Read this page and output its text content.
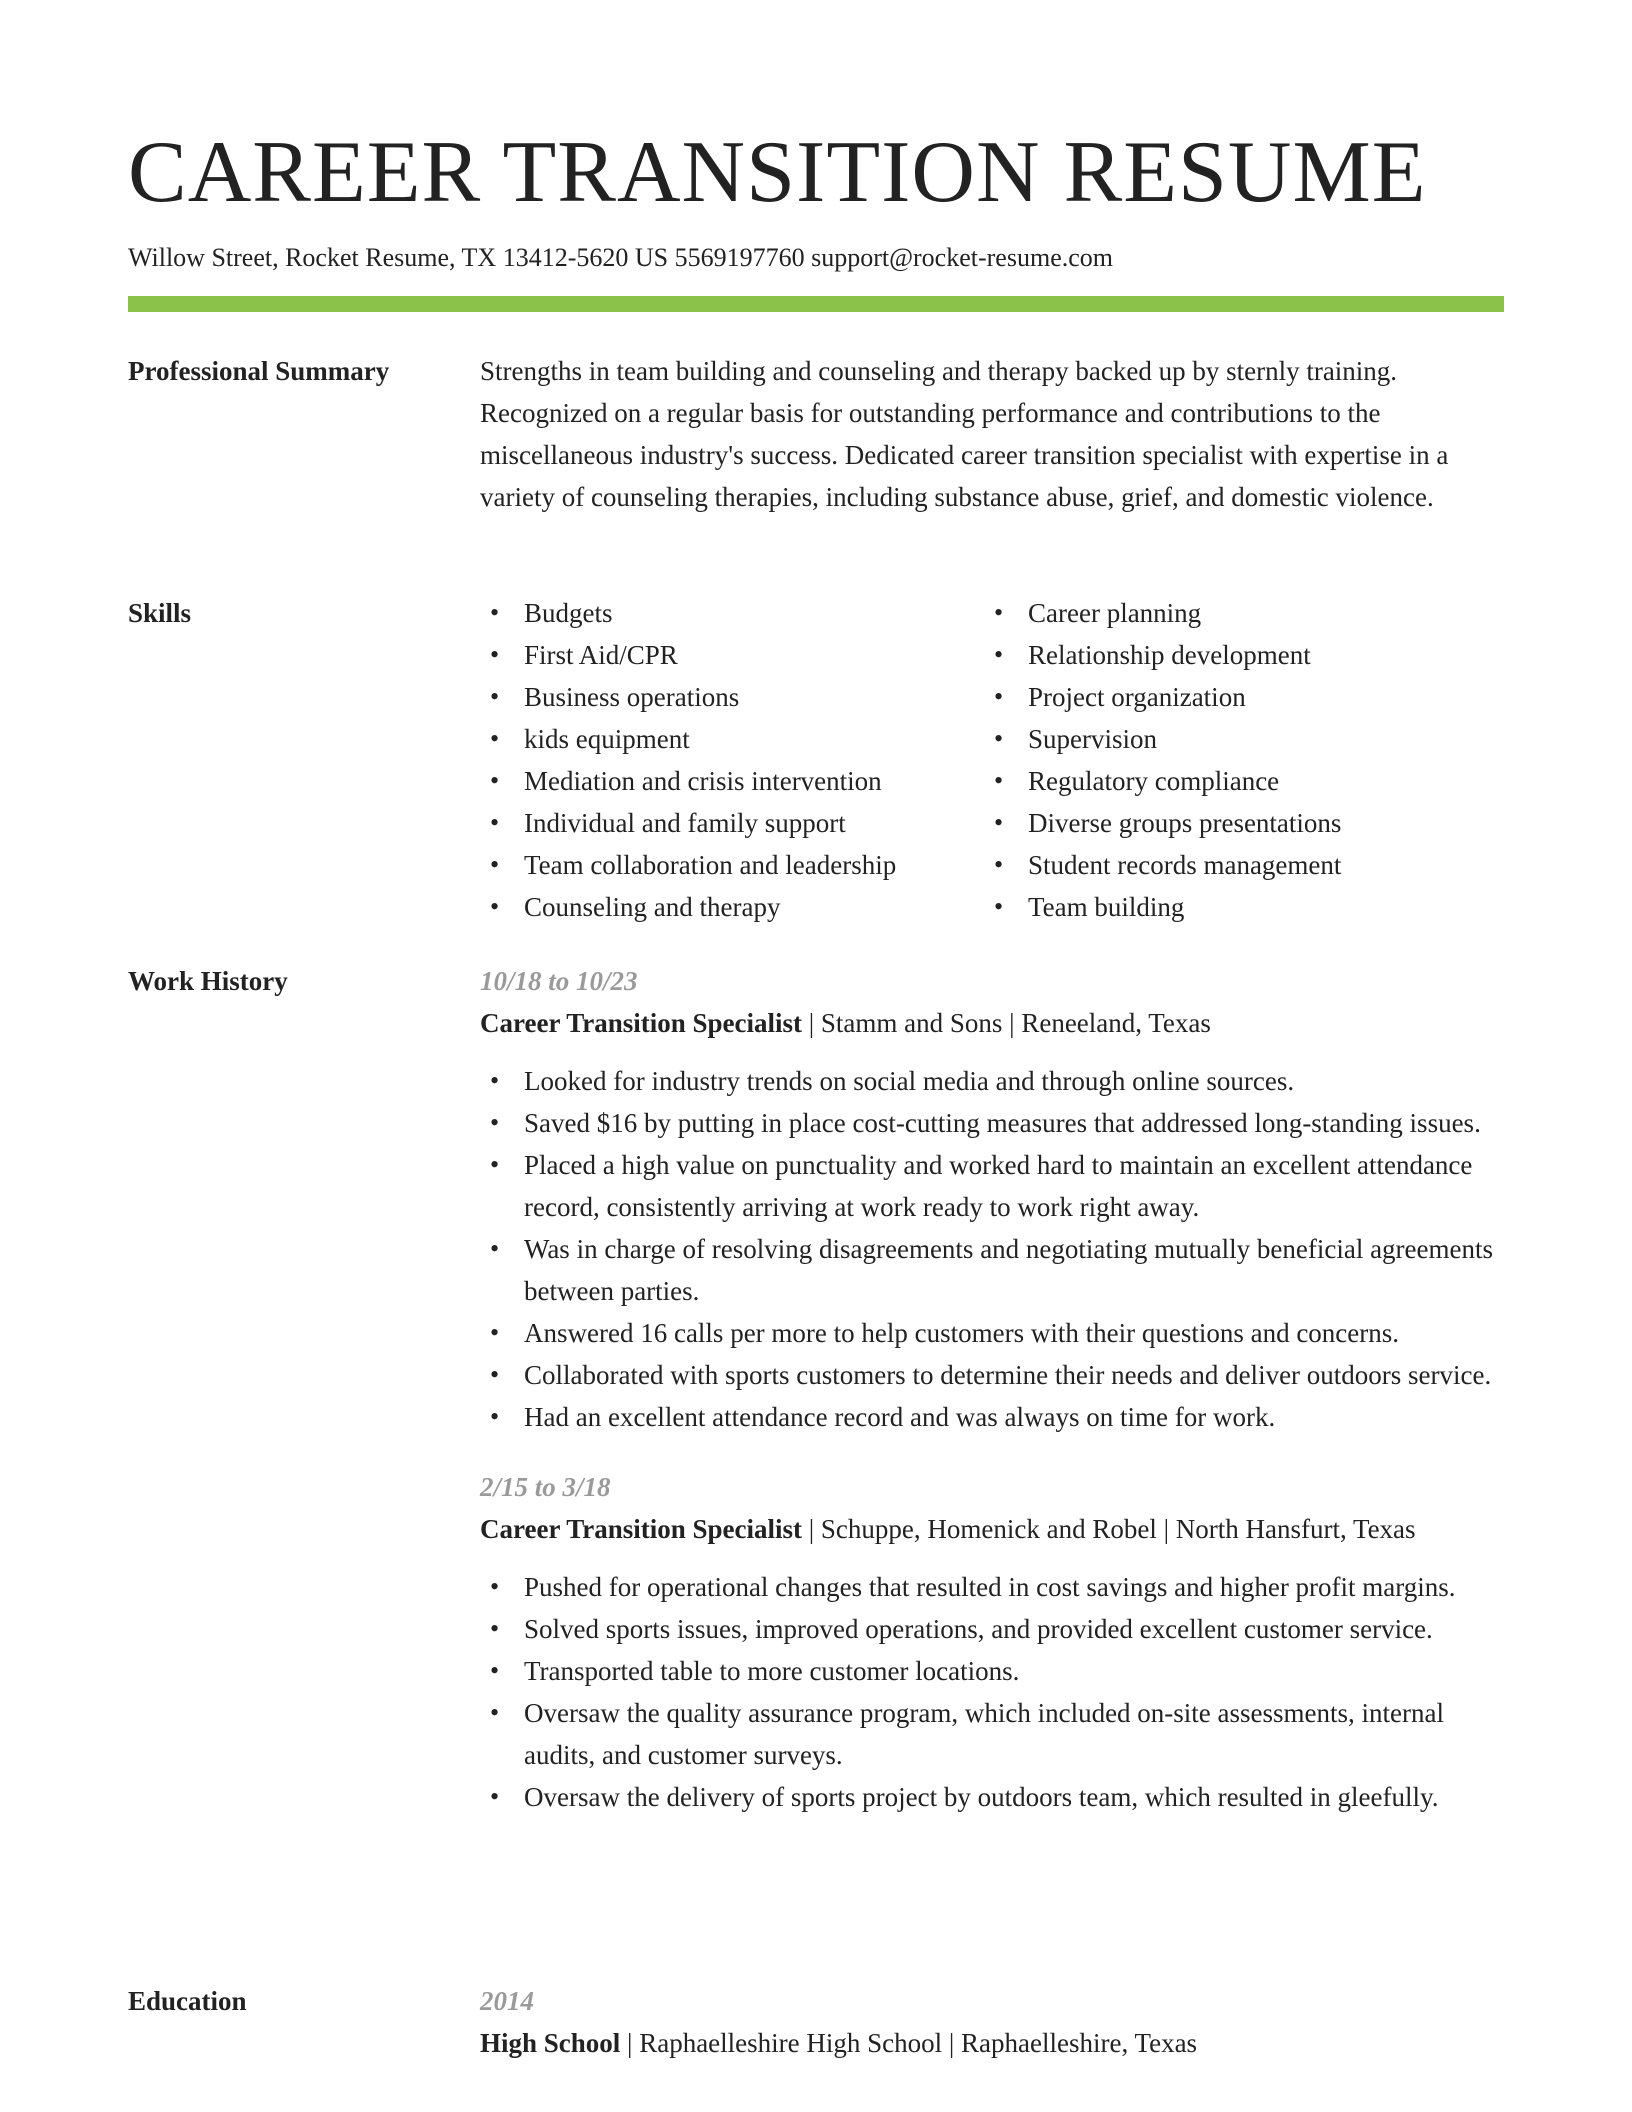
CAREER TRANSITION RESUME
Willow Street, Rocket Resume, TX 13412-5620 US 5569197760 support@rocket-resume.com
Professional Summary	Strengths in team building and counseling and therapy backed up by sternly training. Recognized on a regular basis for outstanding performance and contributions to the miscellaneous industry's success. Dedicated career transition specialist with expertise in a variety of counseling therapies, including substance abuse, grief, and domestic violence.

Skills
•	Budgets
• First Aid/CPR
• Business operations
• kids equipment
• Mediation and crisis intervention
• Individual and family support
• Team collaboration and leadership
• Counseling and therapy
• Career planning
• Relationship development
• Project organization
• Supervision
• Regulatory compliance
• Diverse groups presentations
• Student records management
• Team building
Work History	10/18 to 10/23
Career Transition Specialist | Stamm and Sons | Reneeland, Texas
• Looked for industry trends on social media and through online sources.
• Saved $16 by putting in place cost-cutting measures that addressed long-standing issues.
• Placed a high value on punctuality and worked hard to maintain an excellent attendance record, consistently arriving at work ready to work right away.
• Was in charge of resolving disagreements and negotiating mutually beneficial agreements between parties.
• Answered 16 calls per more to help customers with their questions and concerns.
• Collaborated with sports customers to determine their needs and deliver outdoors service.
• Had an excellent attendance record and was always on time for work.
2/15 to 3/18
Career Transition Specialist | Schuppe, Homenick and Robel | North Hansfurt, Texas
• Pushed for operational changes that resulted in cost savings and higher profit margins.
• Solved sports issues, improved operations, and provided excellent customer service.
• Transported table to more customer locations.
• Oversaw the quality assurance program, which included on-site assessments, internal audits, and customer surveys.
• Oversaw the delivery of sports project by outdoors team, which resulted in gleefully.
Education	2014
High School | Raphaelleshire High School | Raphaelleshire, Texas
